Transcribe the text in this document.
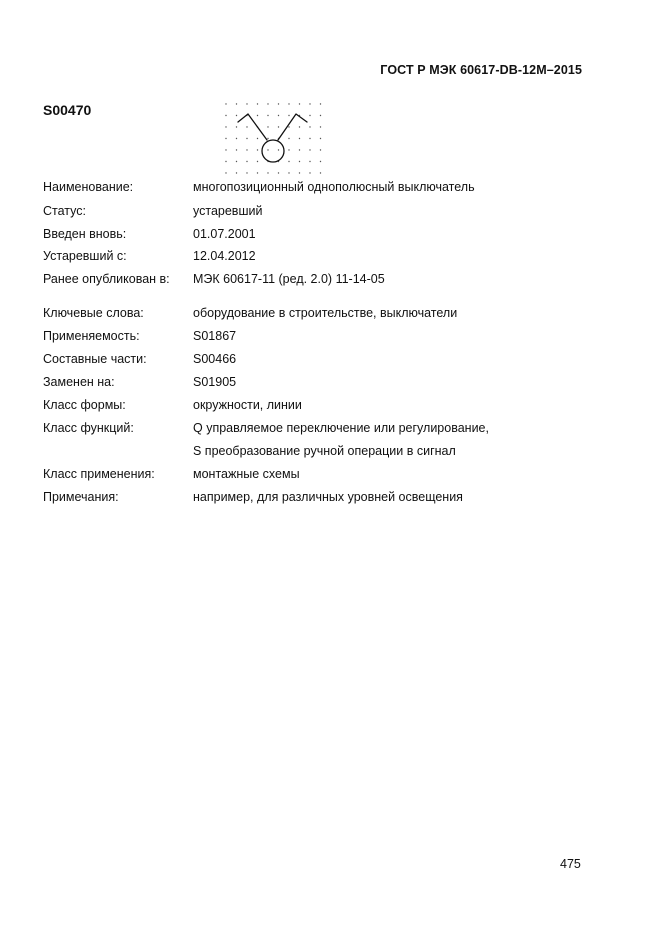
ГОСТ Р МЭК 60617-DB-12M–2015
S00470
Наименование:	многопозиционный однополюсный выключатель
Статус:	устаревший
Введен вновь:	01.07.2001
Устаревший с:	12.04.2012
Ранее опубликован в: МЭК 60617-11 (ред. 2.0) 11-14-05
Ключевые слова:	оборудование в строительстве, выключатели
Применяемость:	S01867
Составные части:	S00466
Заменен на:	S01905
Класс формы:	окружности, линии
Класс функций:	Q управляемое переключение или регулирование,
S преобразование ручной операции в сигнал
Класс применения:	монтажные схемы
Примечания:	например, для различных уровней освещения
475
